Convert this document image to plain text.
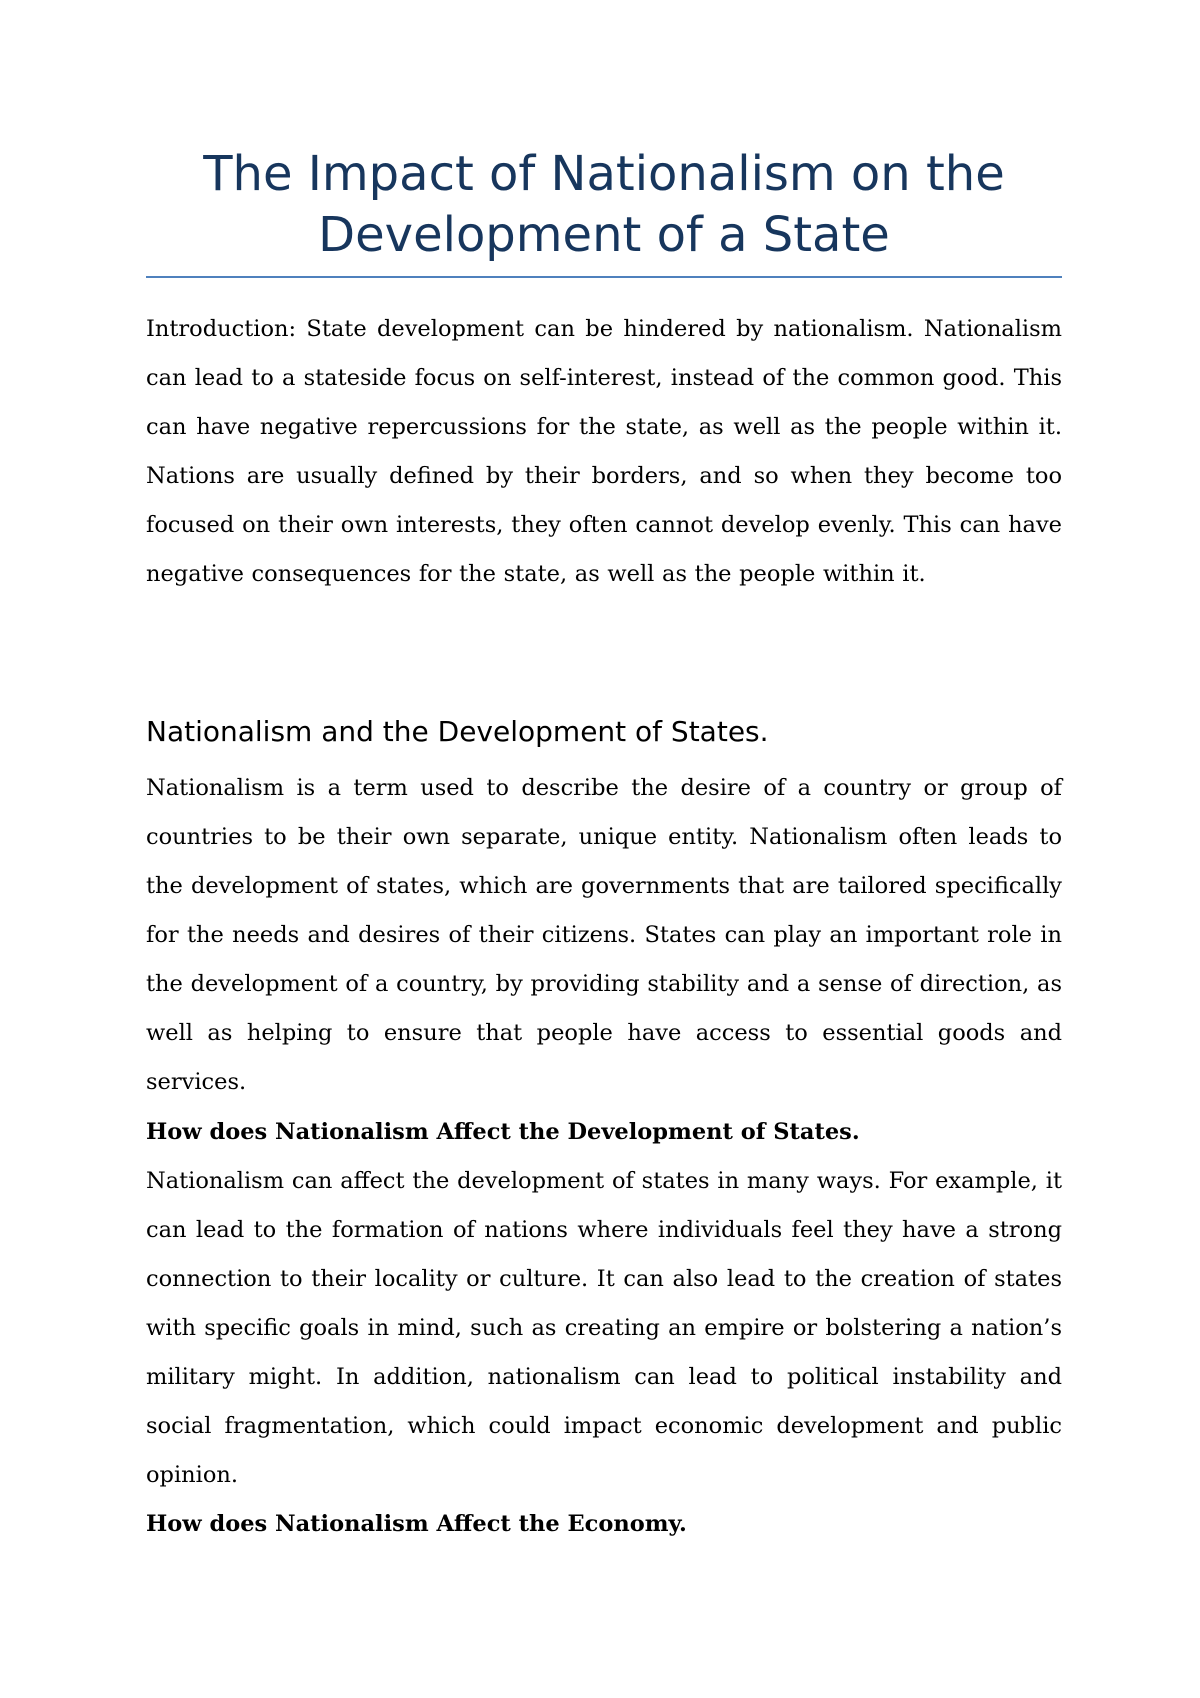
The Impact of Nationalism on the Development of a State

Introduction: State development can be hindered by nationalism. Nationalism can lead to a stateside focus on self-interest, instead of the common good. This can have negative repercussions for the state, as well as the people within it. Nations are usually defined by their borders, and so when they become too focused on their own interests, they often cannot develop evenly. This can have negative consequences for the state, as well as the people within it.

Nationalism and the Development of States.

Nationalism is a term used to describe the desire of a country or group of countries to be their own separate, unique entity. Nationalism often leads to the development of states, which are governments that are tailored specifically for the needs and desires of their citizens. States can play an important role in the development of a country, by providing stability and a sense of direction, as well as helping to ensure that people have access to essential goods and services.

How does Nationalism Affect the Development of States.

Nationalism can affect the development of states in many ways. For example, it can lead to the formation of nations where individuals feel they have a strong connection to their locality or culture. It can also lead to the creation of states with specific goals in mind, such as creating an empire or bolstering a nation’s military might. In addition, nationalism can lead to political instability and social fragmentation, which could impact economic development and public opinion.

How does Nationalism Affect the Economy.
